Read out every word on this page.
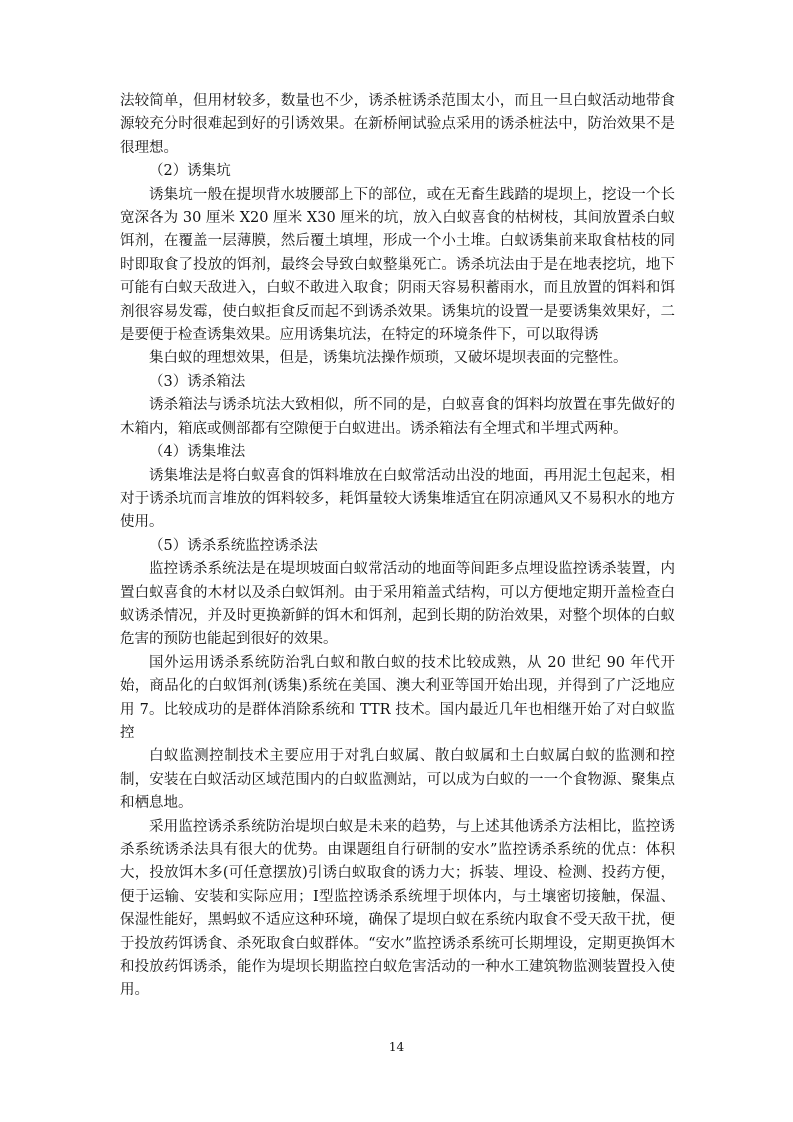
法较简单，但用材较多，数量也不少，诱杀桩诱杀范围太小，而且一旦白蚁活动地带食源较充分时很难起到好的引诱效果。在新桥闸试验点采用的诱杀桩法中，防治效果不是很理想。

（2）诱集坑

诱集坑一般在提坝背水坡腰部上下的部位，或在无畜生践踏的堤坝上，挖设一个长宽深各为 30 厘米 X20 厘米 X30 厘米的坑，放入白蚁喜食的枯树枝，其间放置杀白蚁饵剂，在覆盖一层薄膜，然后覆土填埋，形成一个小土堆。白蚁诱集前来取食枯枝的同时即取食了投放的饵剂，最终会导致白蚁整巢死亡。诱杀坑法由于是在地表挖坑，地下可能有白蚁天敌进入，白蚁不敢进入取食；阴雨天容易积蓄雨水，而且放置的饵料和饵剂很容易发霉，使白蚁拒食反而起不到诱杀效果。诱集坑的设置一是要诱集效果好，二是要便于检查诱集效果。应用诱集坑法，在特定的环境条件下，可以取得诱

集白蚁的理想效果，但是，诱集坑法操作烦琐，又破坏堤坝表面的完整性。

（3）诱杀箱法

诱杀箱法与诱杀坑法大致相似，所不同的是，白蚁喜食的饵料均放置在事先做好的木箱内，箱底或侧部都有空隙便于白蚁进出。诱杀箱法有全埋式和半埋式两种。

（4）诱集堆法

诱集堆法是将白蚁喜食的饵料堆放在白蚁常活动出没的地面，再用泥土包起来，相对于诱杀坑而言堆放的饵料较多，耗饵量较大诱集堆适宜在阴凉通风又不易积水的地方使用。

（5）诱杀系统监控诱杀法

监控诱杀系统法是在堤坝坡面白蚁常活动的地面等间距多点埋设监控诱杀装置，内置白蚁喜食的木材以及杀白蚁饵剂。由于采用箱盖式结构，可以方便地定期开盖检查白蚁诱杀情况，并及时更换新鲜的饵木和饵剂，起到长期的防治效果，对整个坝体的白蚁危害的预防也能起到很好的效果。

国外运用诱杀系统防治乳白蚁和散白蚁的技术比较成熟，从 20 世纪 90 年代开始，商品化的白蚁饵剂(诱集)系统在美国、澳大利亚等国开始出现，并得到了广泛地应用 7。比较成功的是群体消除系统和 TTR 技术。国内最近几年也相继开始了对白蚁监控

白蚁监测控制技术主要应用于对乳白蚁属、散白蚁属和土白蚁属白蚁的监测和控制，安装在白蚁活动区域范围内的白蚁监测站，可以成为白蚁的一一个食物源、聚集点和栖息地。

采用监控诱杀系统防治堤坝白蚁是未来的趋势，与上述其他诱杀方法相比，监控诱杀系统诱杀法具有很大的优势。由课题组自行研制的安水”监控诱杀系统的优点：体积大，投放饵木多(可任意摆放)引诱白蚁取食的诱力大；拆装、埋设、检测、投药方便，便于运输、安装和实际应用；Ⅰ型监控诱杀系统埋于坝体内，与土壤密切接触，保温、保湿性能好，黑蚂蚁不适应这种环境，确保了堤坝白蚁在系统内取食不受天敌干扰，便于投放药饵诱食、杀死取食白蚁群体。“安水”监控诱杀系统可长期埋设，定期更换饵木和投放药饵诱杀，能作为堤坝长期监控白蚁危害活动的一种水工建筑物监测装置投入使用。

14
